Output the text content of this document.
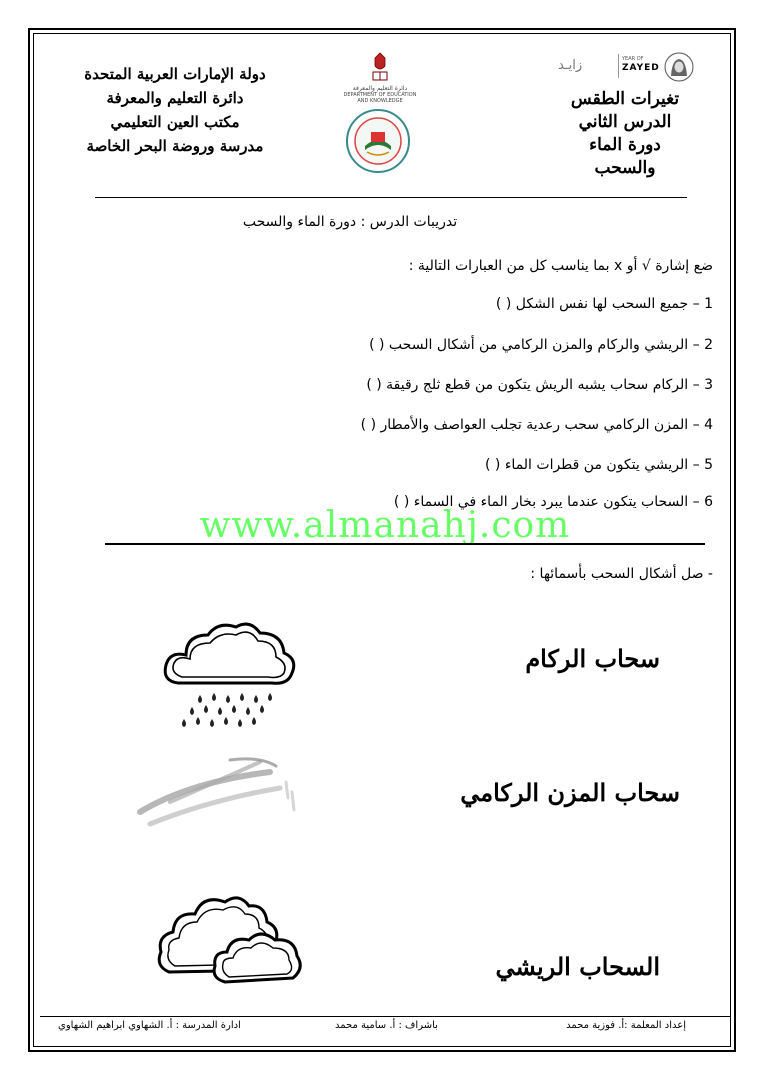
دولة الإمارات العربية المتحدة
دائرة التعليم والمعرفة
مكتب العين التعليمي
مدرسة وروضة البحر الخاصة
دائرة التعليم والمعرفة
DEPARTMENT OF EDUCATION
AND KNOWLEDGE
YEAR OF
ZAYED
زايـد
تغيرات الطقس
الدرس الثاني
دورة الماء
والسحب
تدريبات الدرس : دورة الماء والسحب
ضع إشارة √ أو x بما يناسب كل من العبارات التالية :
1 – جميع السحب لها نفس الشكل ( )
2 – الريشي والركام والمزن الركامي من أشكال السحب ( )
3 – الركام سحاب يشبه الريش يتكون من قطع ثلج رقيقة ( )
4 – المزن الركامي سحب رعدية تجلب العواصف والأمطار ( )
5 – الريشي يتكون من قطرات الماء ( )
6 – السحاب يتكون عندما يبرد بخار الماء في السماء ( )
www.almanahj.com
- صل أشكال السحب بأسمائها :
سحاب الركام
سحاب المزن الركامي
السحاب الريشي
إعداد المعلمة :أ. فوزية محمد
باشراف : أ. سامية محمد
ادارة المدرسة : أ. الشهاوي ابراهيم الشهاوي
